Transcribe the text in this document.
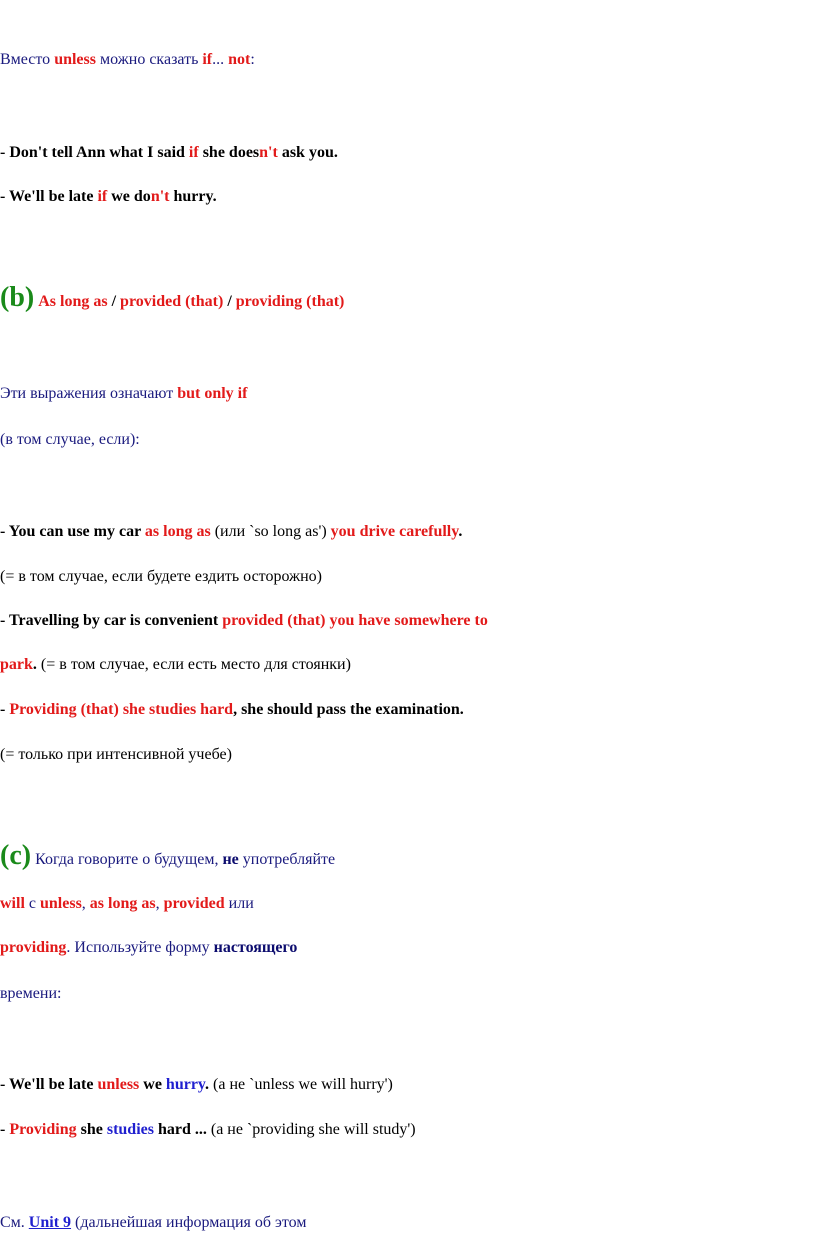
Вместо unless можно сказать if... not:
- Don't tell Ann what I said if she doesn't ask you.
- We'll be late if we don't hurry.
(b) As long as / provided (that) / providing (that)
Эти выражения означают but only if
(в том случае, если):
- You can use my car as long as (или `so long as') you drive carefully.
(= в том случае, если будете ездить осторожно)
- Travelling by car is convenient provided (that) you have somewhere to
park. (= в том случае, если есть место для стоянки)
- Providing (that) she studies hard, she should pass the examination.
(= только при интенсивной учебе)
(c) Когда говорите о будущем, не употребляйте
will с unless, as long as, provided или
providing. Используйте форму настоящего
времени:
- We'll be late unless we hurry. (а не `unless we will hurry')
- Providing she studies hard ... (а не `providing she will study')
См. Unit 9 (дальнейшая информация об этом
